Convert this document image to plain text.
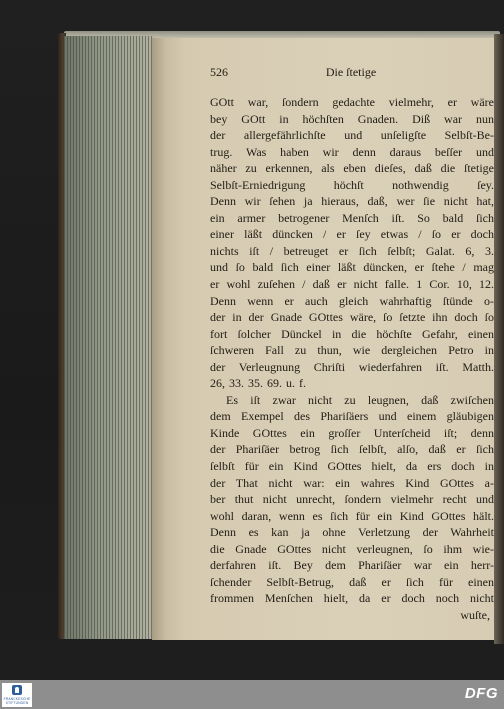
526	Die ſtetige
GOtt war, ſondern gedachte vielmehr, er wäre
bey GOtt in höchſten Gnaden. Diß war nun
der allergefährlichſte und unſeligſte Selbſt-Be-
trug. Was haben wir denn daraus beſſer und
näher zu erkennen, als eben dieſes, daß die ſtetige
Selbſt-Erniedrigung höchſt nothwendig ſey.
Denn wir ſehen ja hieraus, daß, wer ſie nicht hat,
ein armer betrogener Menſch iſt. So bald ſich
einer läßt düncken / er ſey etwas / ſo er doch
nichts iſt / betreuget er ſich ſelbſt; Galat. 6, 3.
und ſo bald ſich einer läßt düncken, er ſtehe / mag
er wohl zuſehen / daß er nicht falle. 1 Cor. 10, 12.
Denn wenn er auch gleich wahrhaftig ſtünde o-
der in der Gnade GOttes wäre, ſo ſetzte ihn doch ſo
fort ſolcher Dünckel in die höchſte Gefahr, einen
ſchweren Fall zu thun, wie dergleichen Petro in
der Verleugnung Chriſti wiederfahren iſt. Matth.
26, 33. 35. 69. u. f.
Es iſt zwar nicht zu leugnen, daß zwiſchen
dem Exempel des Phariſäers und einem gläubigen
Kinde GOttes ein groſſer Unterſcheid iſt; denn
der Phariſäer betrog ſich ſelbſt, alſo, daß er ſich
ſelbſt für ein Kind GOttes hielt, da ers doch in
der That nicht war: ein wahres Kind GOttes a-
ber thut nicht unrecht, ſondern vielmehr recht und
wohl daran, wenn es ſich für ein Kind GOttes hält.
Denn es kan ja ohne Verletzung der Wahrheit
die Gnade GOttes nicht verleugnen, ſo ihm wie-
derfahren iſt. Bey dem Phariſäer war ein herr-
ſchender Selbſt-Betrug, daß er ſich für einen
frommen Menſchen hielt, da er doch noch nicht
wuſte,
FRANCKESCHE
STIFTUNGEN
DFG
